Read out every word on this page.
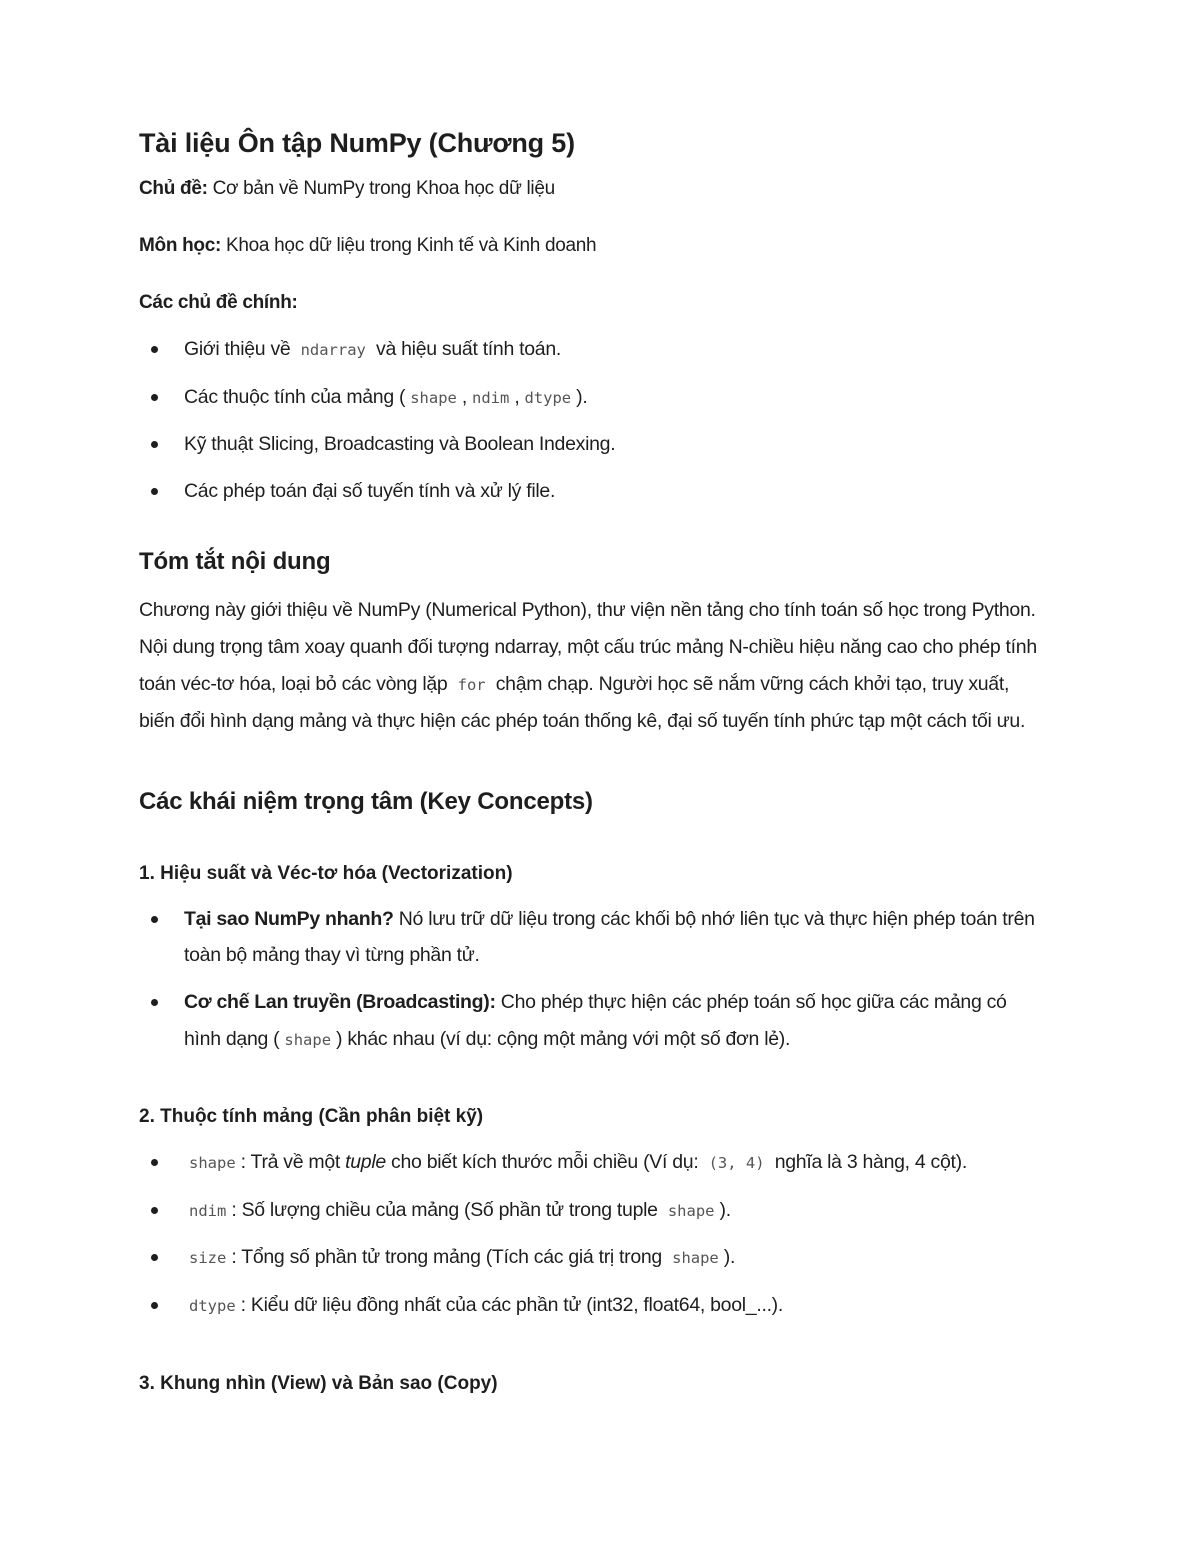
Tài liệu Ôn tập NumPy (Chương 5)
Chủ đề: Cơ bản về NumPy trong Khoa học dữ liệu
Môn học: Khoa học dữ liệu trong Kinh tế và Kinh doanh
Các chủ đề chính:
Giới thiệu về ndarray và hiệu suất tính toán.
Các thuộc tính của mảng ( shape , ndim , dtype ).
Kỹ thuật Slicing, Broadcasting và Boolean Indexing.
Các phép toán đại số tuyến tính và xử lý file.
Tóm tắt nội dung

Chương này giới thiệu về NumPy (Numerical Python), thư viện nền tảng cho tính toán số học trong Python. Nội dung trọng tâm xoay quanh đối tượng ndarray, một cấu trúc mảng N-chiều hiệu năng cao cho phép tính toán véc-tơ hóa, loại bỏ các vòng lặp for chậm chạp. Người học sẽ nắm vững cách khởi tạo, truy xuất, biến đổi hình dạng mảng và thực hiện các phép toán thống kê, đại số tuyến tính phức tạp một cách tối ưu.

Các khái niệm trọng tâm (Key Concepts)
1. Hiệu suất và Véc-tơ hóa (Vectorization)
Tại sao NumPy nhanh? Nó lưu trữ dữ liệu trong các khối bộ nhớ liên tục và thực hiện phép toán trên toàn bộ mảng thay vì từng phần tử.
Cơ chế Lan truyền (Broadcasting): Cho phép thực hiện các phép toán số học giữa các mảng có hình dạng ( shape ) khác nhau (ví dụ: cộng một mảng với một số đơn lẻ).
2. Thuộc tính mảng (Cần phân biệt kỹ)
shape : Trả về một tuple cho biết kích thước mỗi chiều (Ví dụ: (3, 4) nghĩa là 3 hàng, 4 cột).
ndim : Số lượng chiều của mảng (Số phần tử trong tuple shape ).
size : Tổng số phần tử trong mảng (Tích các giá trị trong shape ).
dtype : Kiểu dữ liệu đồng nhất của các phần tử (int32, float64, bool_...).
3. Khung nhìn (View) và Bản sao (Copy)
